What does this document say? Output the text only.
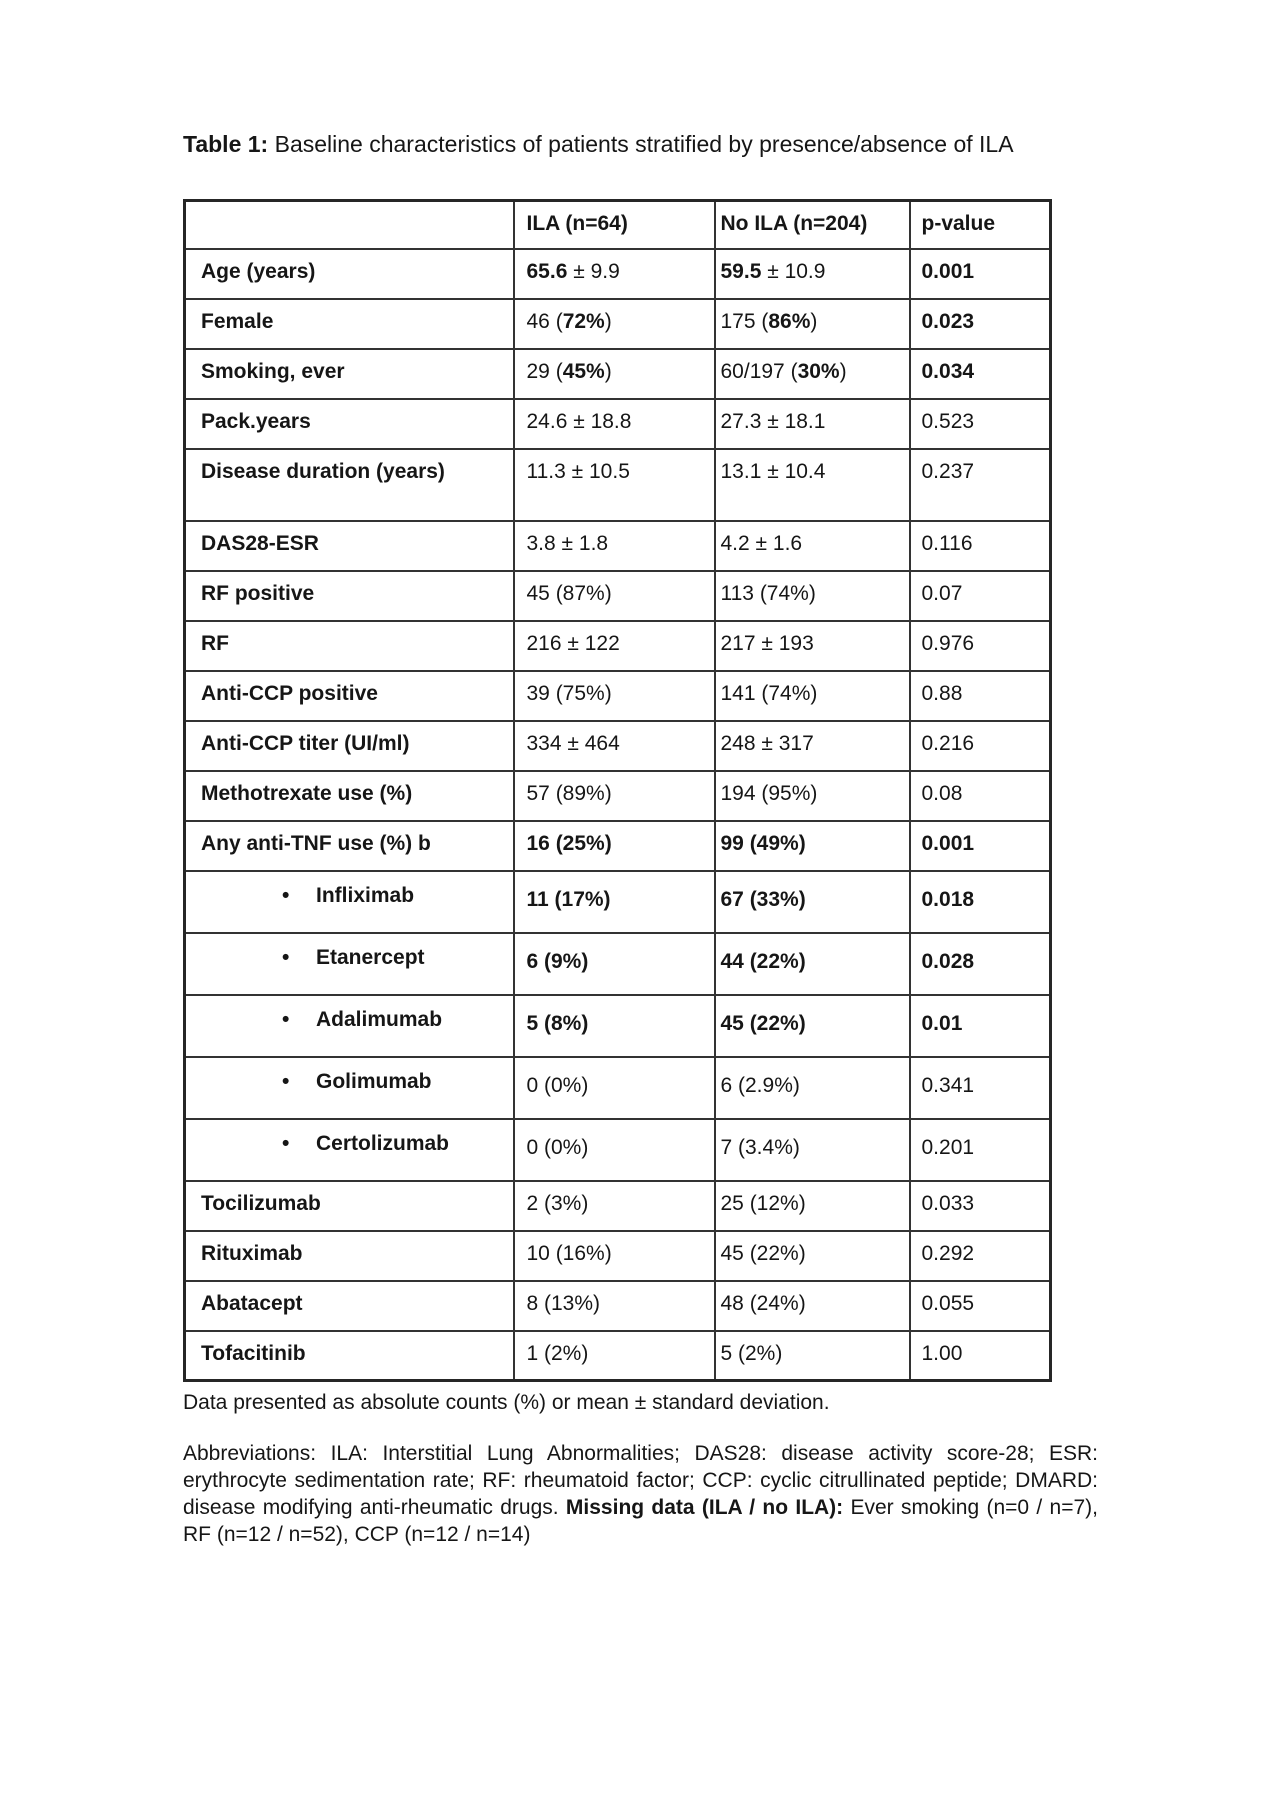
Table 1: Baseline characteristics of patients stratified by presence/absence of ILA

	ILA (n=64)	No ILA (n=204)	p-value
Age (years)	65.6 ± 9.9	59.5 ± 10.9	0.001
Female	46 (72%)	175 (86%)	0.023
Smoking, ever	29 (45%)	60/197 (30%)	0.034
Pack.years	24.6 ± 18.8	27.3 ± 18.1	0.523
Disease duration (years)	11.3 ± 10.5	13.1 ± 10.4	0.237
DAS28-ESR	3.8 ± 1.8	4.2 ± 1.6	0.116
RF positive	45 (87%)	113 (74%)	0.07
RF	216 ± 122	217 ± 193	0.976
Anti-CCP positive	39 (75%)	141 (74%)	0.88
Anti-CCP titer (UI/ml)	334 ± 464	248 ± 317	0.216
Methotrexate use (%)	57 (89%)	194 (95%)	0.08
Any anti-TNF use (%) b	16 (25%)	99 (49%)	0.001
• Infliximab	11 (17%)	67 (33%)	0.018
• Etanercept	6 (9%)	44 (22%)	0.028
• Adalimumab	5 (8%)	45 (22%)	0.01
• Golimumab	0 (0%)	6 (2.9%)	0.341
• Certolizumab	0 (0%)	7 (3.4%)	0.201
Tocilizumab	2 (3%)	25 (12%)	0.033
Rituximab	10 (16%)	45 (22%)	0.292
Abatacept	8 (13%)	48 (24%)	0.055
Tofacitinib	1 (2%)	5 (2%)	1.00

Data presented as absolute counts (%) or mean ± standard deviation.

Abbreviations: ILA: Interstitial Lung Abnormalities; DAS28: disease activity score-28; ESR: erythrocyte sedimentation rate; RF: rheumatoid factor; CCP: cyclic citrullinated peptide; DMARD: disease modifying anti-rheumatic drugs. Missing data (ILA / no ILA): Ever smoking (n=0 / n=7), RF (n=12 / n=52), CCP (n=12 / n=14)
